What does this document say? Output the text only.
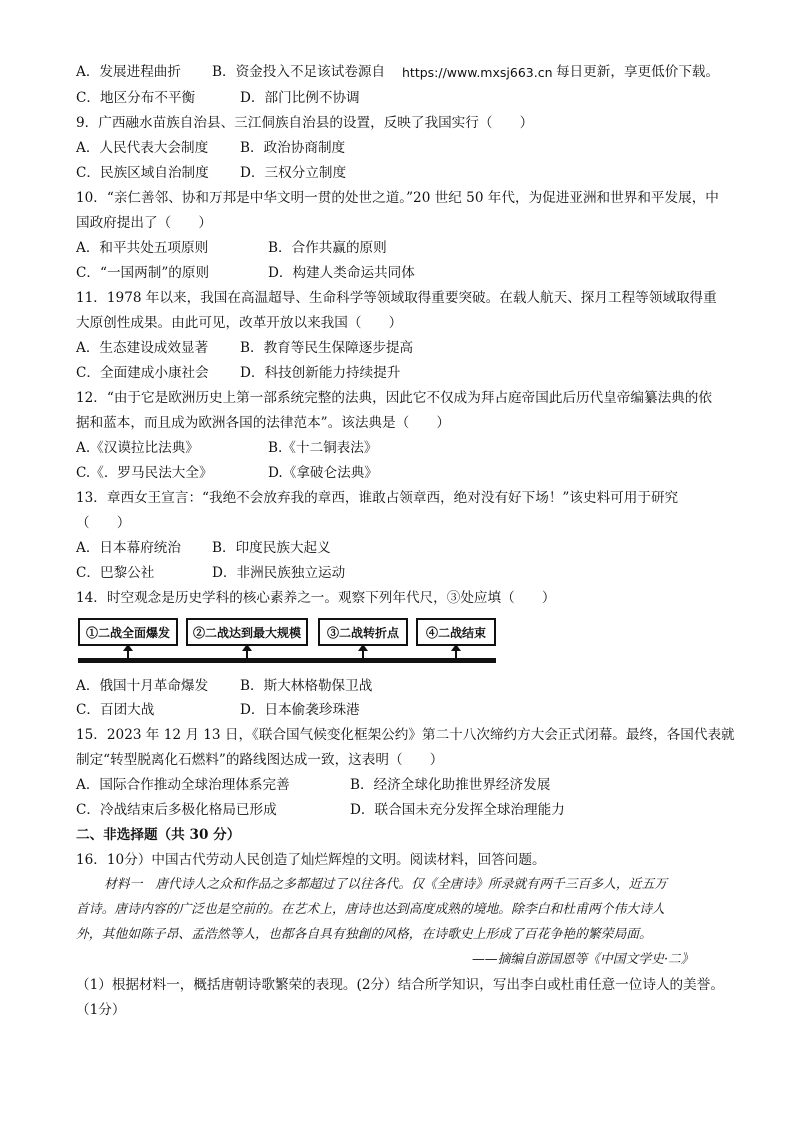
A．发展进程曲折 B．资金投入不足该试卷源自 https://www.mxsj663.cn 每日更新，享更低价下载。
C．地区分布不平衡	D．部门比例不协调
9．广西融水苗族自治县、三江侗族自治县的设置，反映了我国实行（　　）
A．人民代表大会制度 B．政治协商制度
C．民族区域自治制度 D．三权分立制度
10．“亲仁善邻、协和万邦是中华文明一贯的处世之道。”20 世纪 50 年代，为促进亚洲和世界和平发展，中
国政府提出了（　　）
A．和平共处五项原则	B．合作共赢的原则
C．“一国两制”的原则	D．构建人类命运共同体
11．1978 年以来，我国在高温超导、生命科学等领域取得重要突破。在载人航天、探月工程等领域取得重
大原创性成果。由此可见，改革开放以来我国（　　）
A．生态建设成效显著 B．教育等民生保障逐步提高
C．全面建成小康社会 D．科技创新能力持续提升
12．“由于它是欧洲历史上第一部系统完整的法典，因此它不仅成为拜占庭帝国此后历代皇帝编纂法典的依
据和蓝本，而且成为欧洲各国的法律范本”。该法典是（　　）
A.《汉谟拉比法典》	B.《十二铜表法》
C.《．罗马民法大全》	D.《拿破仑法典》
13．章西女王宣言：“我绝不会放弃我的章西，谁敢占领章西，绝对没有好下场！”该史料可用于研究
（　　）
A．日本幕府统治 B．印度民族大起义
C．巴黎公社	D．非洲民族独立运动
14．时空观念是历史学科的核心素养之一。观察下列年代尺，③处应填（　　）
①二战全面爆发	②二战达到最大规模	③二战转折点	④二战结束
A．俄国十月革命爆发 B．斯大林格勒保卫战
C．百团大战	D．日本偷袭珍珠港
15．2023 年 12 月 13 日，《联合国气候变化框架公约》第二十八次缔约方大会正式闭幕。最终，各国代表就
制定“转型脱离化石燃料”的路线图达成一致，这表明（　　）
A．国际合作推动全球治理体系完善	B．经济全球化助推世界经济发展
C．冷战结束后多极化格局已形成	D．联合国未充分发挥全球治理能力
二、非选择题（共 30 分）
16．10分）中国古代劳动人民创造了灿烂辉煌的文明。阅读材料，回答问题。
材料一　唐代诗人之众和作品之多都超过了以往各代。仅《全唐诗》所录就有两千三百多人，近五万
首诗。唐诗内容的广泛也是空前的。在艺术上，唐诗也达到高度成熟的境地。除李白和杜甫两个伟大诗人
外，其他如陈子昂、孟浩然等人，也都各自具有独創的风格，在诗歌史上形成了百花争艳的繁荣局面。
——摘编自游国恩等《中国文学史·二》
（1）根据材料一，概括唐朝诗歌繁荣的表现。(2分）结合所学知识，写出李白或杜甫任意一位诗人的美誉。
（1分）
